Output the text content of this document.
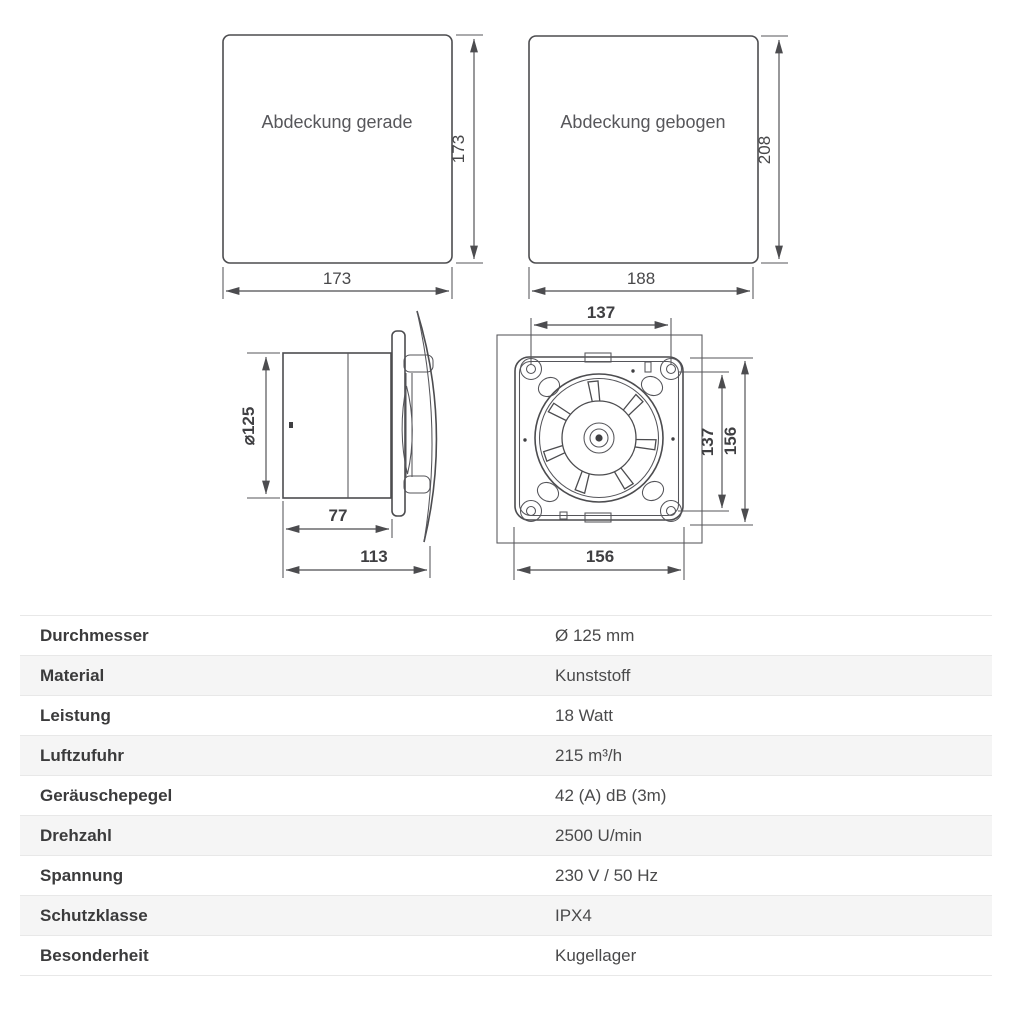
Abdeckung gerade
173
173
Abdeckung gebogen
208
188
⌀125
77
113
137
137 156
156
Durchmesser	Ø 125 mm
Material	Kunststoff
Leistung	18 Watt
Luftzufuhr	215 m³/h
Geräuschepegel	42 (A) dB (3m)
Drehzahl	2500 U/min
Spannung	230 V / 50 Hz
Schutzklasse	IPX4
Besonderheit	Kugellager
